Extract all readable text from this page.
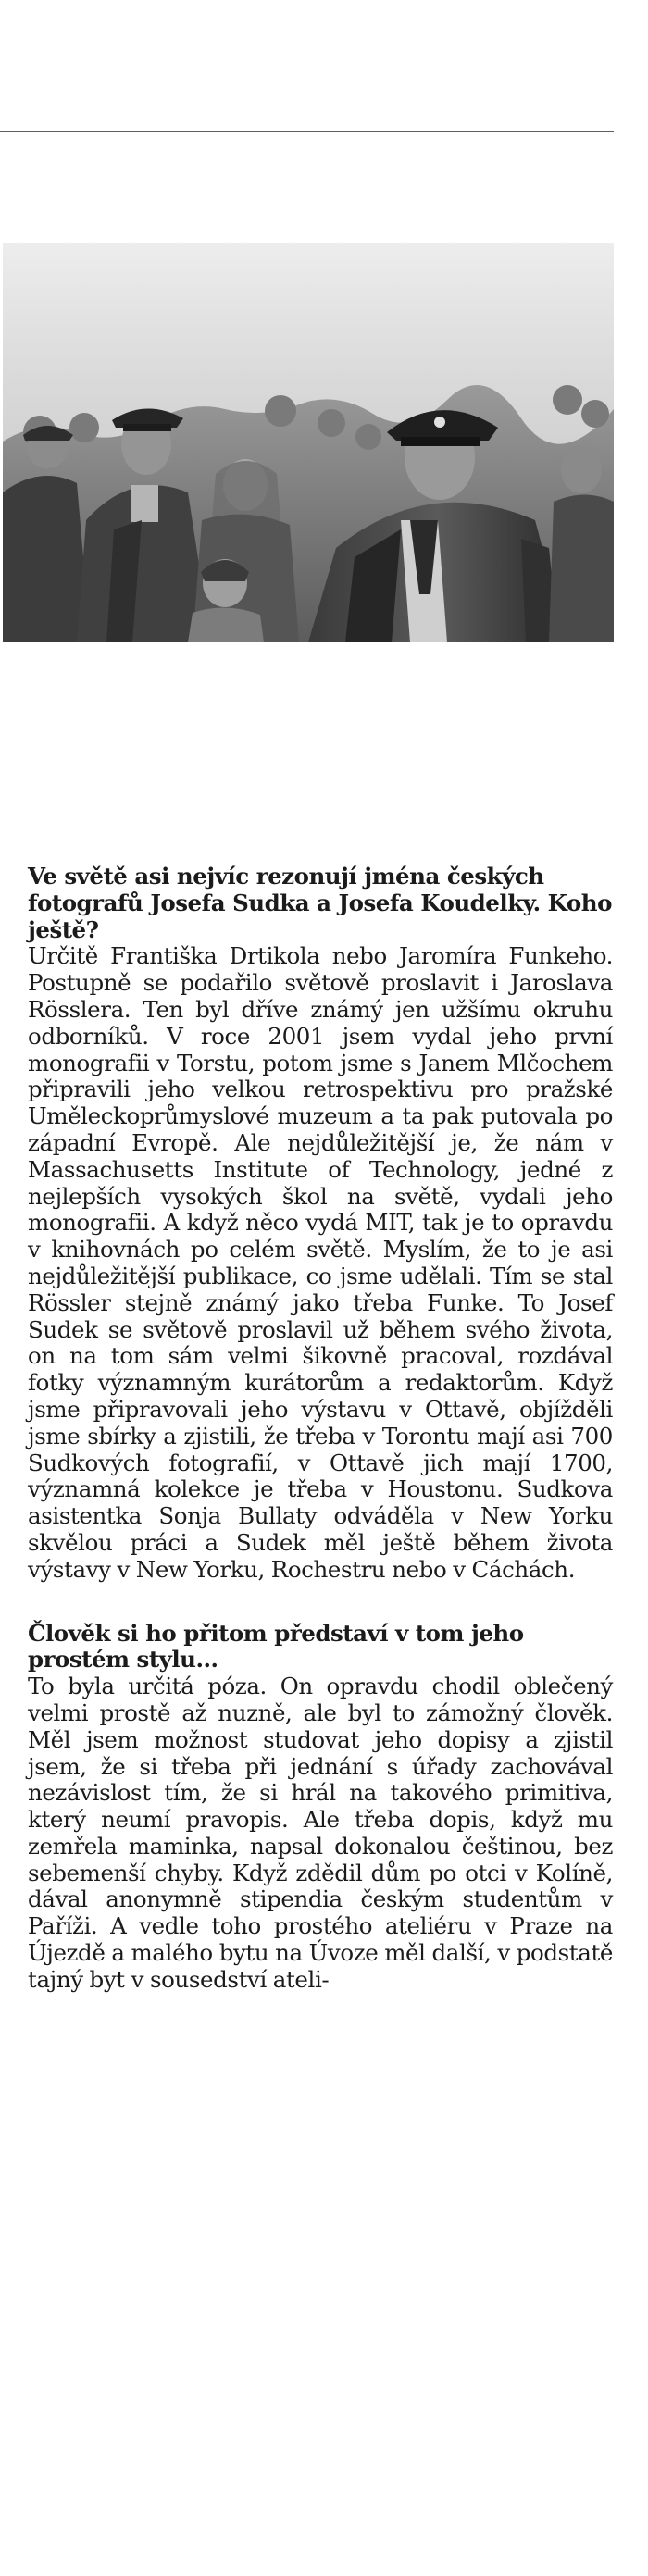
Ve světě asi nejvíc rezonují jména českých fotografů Josefa Sudka a Josefa Koudelky. Koho ještě?

Určitě Františka Drtikola nebo Jaromíra Funkeho. Postupně se podařilo světově proslavit i Jaroslava Rösslera. Ten byl dříve známý jen užšímu okruhu odborníků. V roce 2001 jsem vydal jeho první monografii v Torstu, potom jsme s Janem Mlčochem připravili jeho velkou retrospektivu pro pražské Uměleckoprůmyslové muzeum a ta pak putovala po západní Evropě. Ale nejdůležitější je, že nám v Massachusetts Institute of Technology, jedné z nejlepších vysokých škol na světě, vydali jeho monografii. A když něco vydá MIT, tak je to opravdu v knihovnách po celém světě. Myslím, že to je asi nejdůležitější publikace, co jsme udělali. Tím se stal Rössler stejně známý jako třeba Funke. To Josef Sudek se světově proslavil už během svého života, on na tom sám velmi šikovně pracoval, rozdával fotky významným kurátorům a redaktorům. Když jsme připravovali jeho výstavu v Ottavě, objížděli jsme sbírky a zjistili, že třeba v Torontu mají asi 700 Sudkových fotografií, v Ottavě jich mají 1700, významná kolekce je třeba v Houstonu. Sudkova asistentka Sonja Bullaty odváděla v New Yorku skvělou práci a Sudek měl ještě během života výstavy v New Yorku, Rochestru nebo v Cáchách.

Člověk si ho přitom představí v tom jeho prostém stylu…

To byla určitá póza. On opravdu chodil oblečený velmi prostě až nuzně, ale byl to zámožný člověk. Měl jsem možnost studovat jeho dopisy a zjistil jsem, že si třeba při jednání s úřady zachovával nezávislost tím, že si hrál na takového primitiva, který neumí pravopis. Ale třeba dopis, když mu zemřela maminka, napsal dokonalou češtinou, bez sebemenší chyby. Když zdědil dům po otci v Kolíně, dával anonymně stipendia českým studentům v Paříži. A vedle toho prostého ateliéru v Praze na Újezdě a malého bytu na Úvoze měl další, v podstatě tajný byt v sousedství ateli-
